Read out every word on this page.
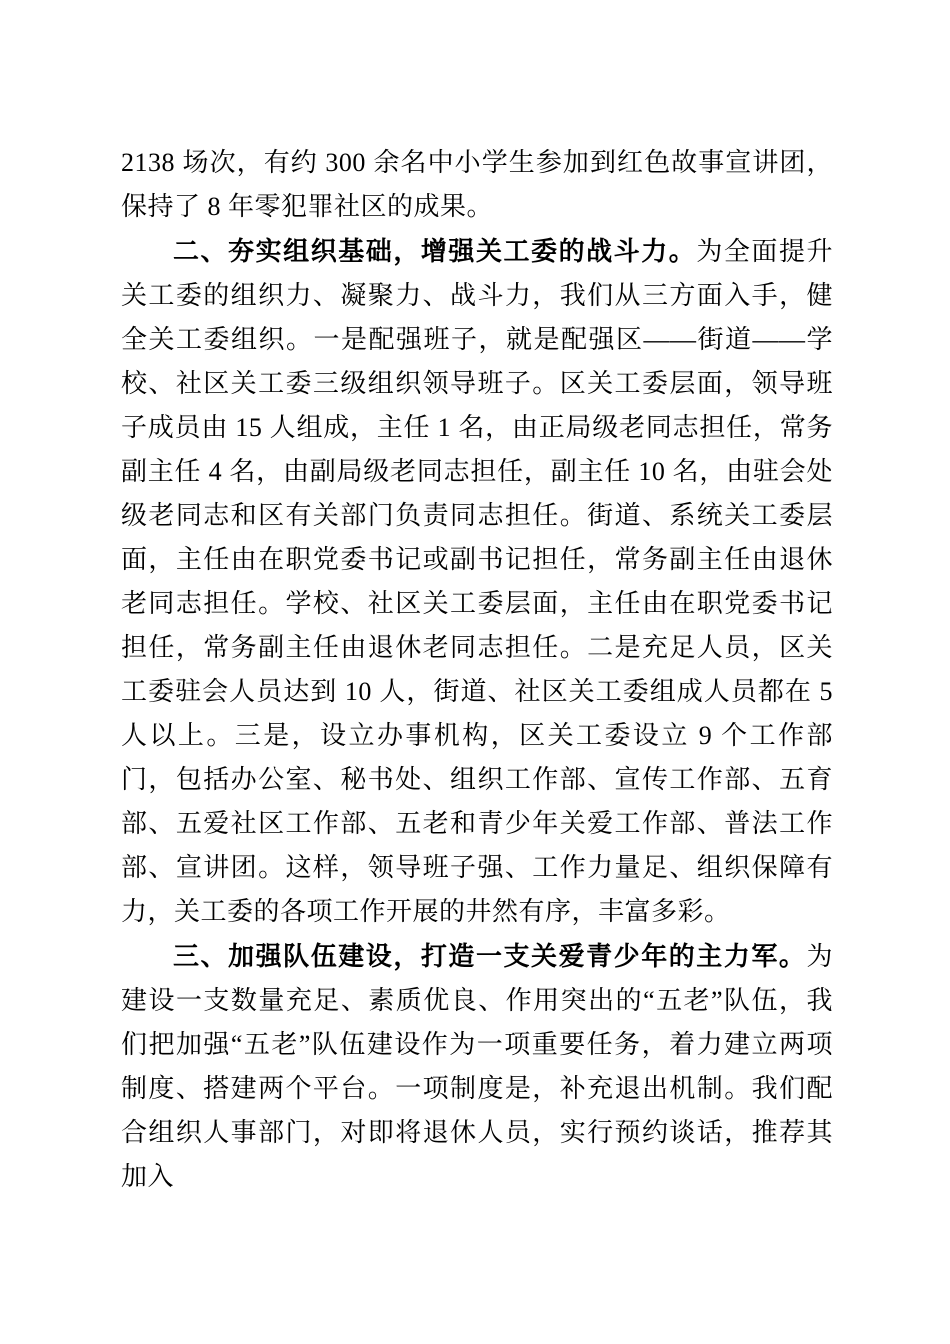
2138 场次，有约 300 余名中小学生参加到红色故事宣讲团，保持了 8 年零犯罪社区的成果。

二、夯实组织基础，增强关工委的战斗力。为全面提升关工委的组织力、凝聚力、战斗力，我们从三方面入手，健全关工委组织。一是配强班子，就是配强区——街道——学校、社区关工委三级组织领导班子。区关工委层面，领导班子成员由 15 人组成，主任 1 名，由正局级老同志担任，常务副主任 4 名，由副局级老同志担任，副主任 10 名，由驻会处级老同志和区有关部门负责同志担任。街道、系统关工委层面，主任由在职党委书记或副书记担任，常务副主任由退休老同志担任。学校、社区关工委层面，主任由在职党委书记担任，常务副主任由退休老同志担任。二是充足人员，区关工委驻会人员达到 10 人，街道、社区关工委组成人员都在 5 人以上。三是，设立办事机构，区关工委设立 9 个工作部门，包括办公室、秘书处、组织工作部、宣传工作部、五育部、五爱社区工作部、五老和青少年关爱工作部、普法工作部、宣讲团。这样，领导班子强、工作力量足、组织保障有力，关工委的各项工作开展的井然有序，丰富多彩。

三、加强队伍建设，打造一支关爱青少年的主力军。为建设一支数量充足、素质优良、作用突出的“五老”队伍，我们把加强“五老”队伍建设作为一项重要任务，着力建立两项制度、搭建两个平台。一项制度是，补充退出机制。我们配合组织人事部门，对即将退休人员，实行预约谈话，推荐其加入
